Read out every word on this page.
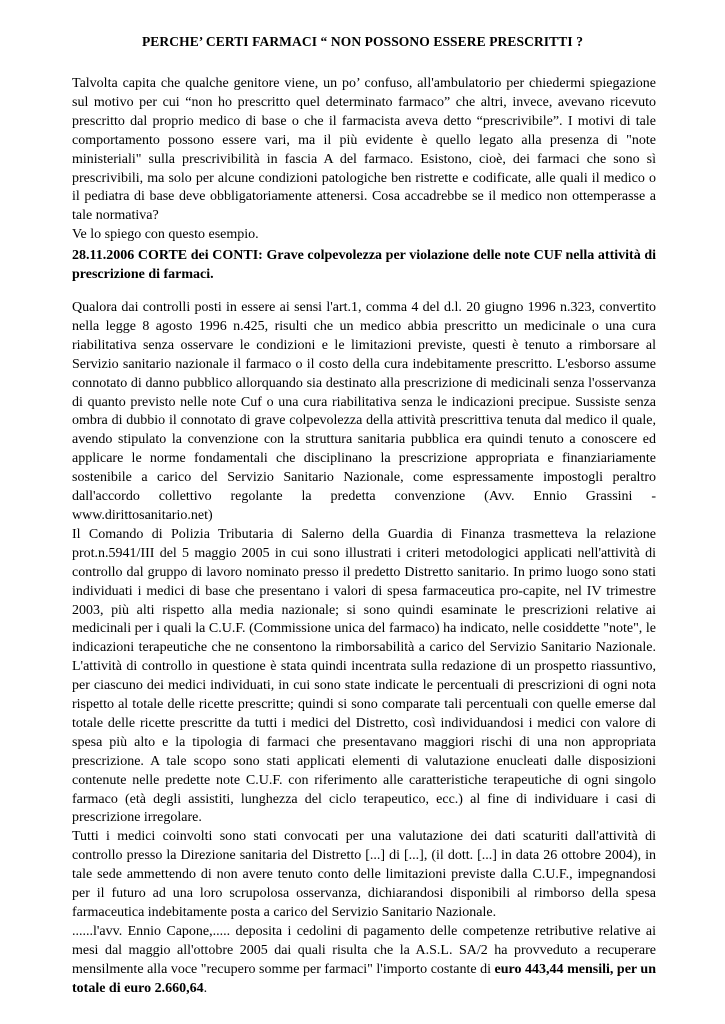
PERCHE’ CERTI FARMACI “ NON POSSONO ESSERE PRESCRITTI ?

Talvolta capita che qualche genitore viene, un po’ confuso, all'ambulatorio per chiedermi spiegazione sul motivo per cui “non ho prescritto quel determinato farmaco” che altri, invece, avevano ricevuto prescritto dal proprio medico di base o che il farmacista aveva detto “prescrivibile”. I motivi di tale comportamento possono essere vari, ma il più evidente è quello legato alla presenza di "note ministeriali" sulla prescrivibilità in fascia A del farmaco. Esistono, cioè, dei farmaci che sono sì prescrivibili, ma solo per alcune condizioni patologiche ben ristrette e codificate, alle quali il medico o il pediatra di base deve obbligatoriamente attenersi. Cosa accadrebbe se il medico non ottemperasse a tale normativa?

Ve lo spiego con questo esempio.

28.11.2006 CORTE dei CONTI: Grave colpevolezza per violazione delle note CUF nella attività di prescrizione di farmaci.

Qualora dai controlli posti in essere ai sensi l'art.1, comma 4 del d.l. 20 giugno 1996 n.323, convertito nella legge 8 agosto 1996 n.425, risulti che un medico abbia prescritto un medicinale o una cura riabilitativa senza osservare le condizioni e le limitazioni previste, questi è tenuto a rimborsare al Servizio sanitario nazionale il farmaco o il costo della cura indebitamente prescritto. L'esborso assume connotato di danno pubblico allorquando sia destinato alla prescrizione di medicinali senza l'osservanza di quanto previsto nelle note Cuf o una cura riabilitativa senza le indicazioni precipue. Sussiste senza ombra di dubbio il connotato di grave colpevolezza della attività prescrittiva tenuta dal medico il quale, avendo stipulato la convenzione con la struttura sanitaria pubblica era quindi tenuto a conoscere ed applicare le norme fondamentali che disciplinano la prescrizione appropriata e finanziariamente sostenibile a carico del Servizio Sanitario Nazionale, come espressamente impostogli peraltro dall'accordo collettivo regolante la predetta convenzione (Avv. Ennio Grassini - www.dirittosanitario.net)

Il Comando di Polizia Tributaria di Salerno della Guardia di Finanza trasmetteva la relazione prot.n.5941/III del 5 maggio 2005 in cui sono illustrati i criteri metodologici applicati nell'attività di controllo dal gruppo di lavoro nominato presso il predetto Distretto sanitario. In primo luogo sono stati individuati i medici di base che presentano i valori di spesa farmaceutica pro-capite, nel IV trimestre 2003, più alti rispetto alla media nazionale; si sono quindi esaminate le prescrizioni relative ai medicinali per i quali la C.U.F. (Commissione unica del farmaco) ha indicato, nelle cosiddette "note", le indicazioni terapeutiche che ne consentono la rimborsabilità a carico del Servizio Sanitario Nazionale. L'attività di controllo in questione è stata quindi incentrata sulla redazione di un prospetto riassuntivo, per ciascuno dei medici individuati, in cui sono state indicate le percentuali di prescrizioni di ogni nota rispetto al totale delle ricette prescritte; quindi si sono comparate tali percentuali con quelle emerse dal totale delle ricette prescritte da tutti i medici del Distretto, così individuandosi i medici con valore di spesa più alto e la tipologia di farmaci che presentavano maggiori rischi di una non appropriata prescrizione. A tale scopo sono stati applicati elementi di valutazione enucleati dalle disposizioni contenute nelle predette note C.U.F. con riferimento alle caratteristiche terapeutiche di ogni singolo farmaco (età degli assistiti, lunghezza del ciclo terapeutico, ecc.) al fine di individuare i casi di prescrizione irregolare.

Tutti i medici coinvolti sono stati convocati per una valutazione dei dati scaturiti dall'attività di controllo presso la Direzione sanitaria del Distretto [...] di [...], (il dott. [...] in data 26 ottobre 2004), in tale sede ammettendo di non avere tenuto conto delle limitazioni previste dalla C.U.F., impegnandosi per il futuro ad una loro scrupolosa osservanza, dichiarandosi disponibili al rimborso della spesa farmaceutica indebitamente posta a carico del Servizio Sanitario Nazionale.

......l'avv. Ennio Capone,..... deposita i cedolini di pagamento delle competenze retributive relative ai mesi dal maggio all'ottobre 2005 dai quali risulta che la A.S.L. SA/2 ha provveduto a recuperare mensilmente alla voce "recupero somme per farmaci" l'importo costante di euro 443,44 mensili, per un totale di euro 2.660,64.
